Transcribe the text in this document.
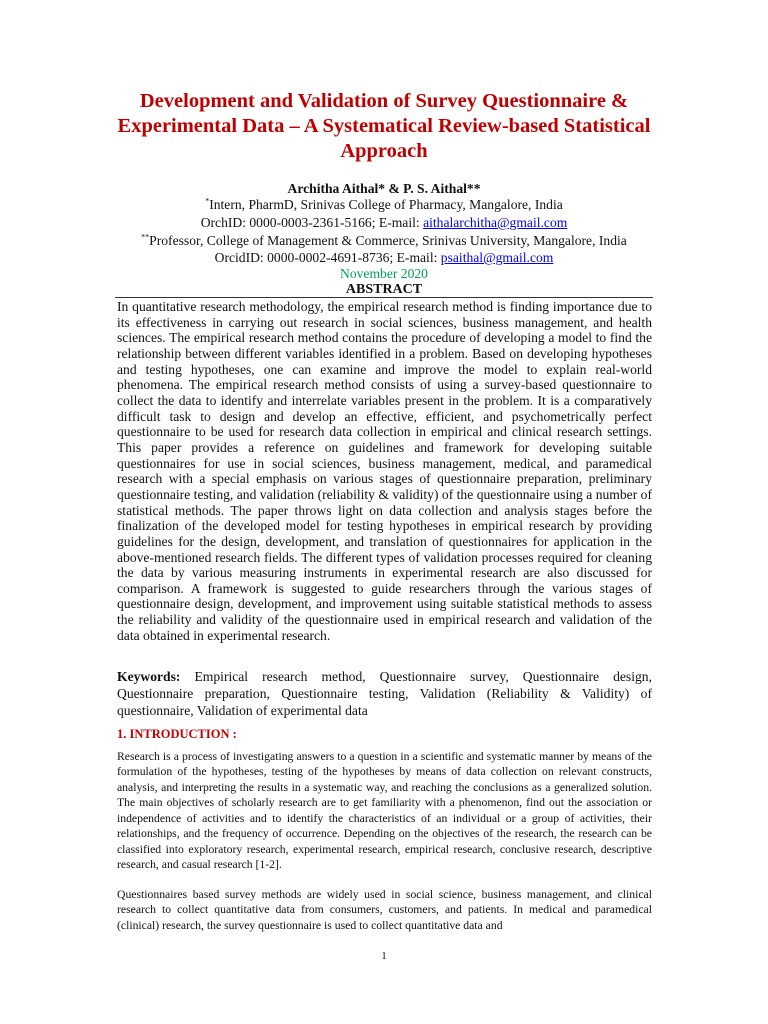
Development and Validation of Survey Questionnaire & Experimental Data – A Systematical Review-based Statistical Approach
Architha Aithal* & P. S. Aithal**
*Intern, PharmD, Srinivas College of Pharmacy, Mangalore, India
OrchID: 0000-0003-2361-5166; E-mail: aithalarchitha@gmail.com
**Professor, College of Management & Commerce, Srinivas University, Mangalore, India
OrcidID: 0000-0002-4691-8736; E-mail: psaithal@gmail.com
November 2020
ABSTRACT

In quantitative research methodology, the empirical research method is finding importance due to its effectiveness in carrying out research in social sciences, business management, and health sciences. The empirical research method contains the procedure of developing a model to find the relationship between different variables identified in a problem. Based on developing hypotheses and testing hypotheses, one can examine and improve the model to explain real-world phenomena. The empirical research method consists of using a survey-based questionnaire to collect the data to identify and interrelate variables present in the problem. It is a comparatively difficult task to design and develop an effective, efficient, and psychometrically perfect questionnaire to be used for research data collection in empirical and clinical research settings. This paper provides a reference on guidelines and framework for developing suitable questionnaires for use in social sciences, business management, medical, and paramedical research with a special emphasis on various stages of questionnaire preparation, preliminary questionnaire testing, and validation (reliability & validity) of the questionnaire using a number of statistical methods. The paper throws light on data collection and analysis stages before the finalization of the developed model for testing hypotheses in empirical research by providing guidelines for the design, development, and translation of questionnaires for application in the above-mentioned research fields. The different types of validation processes required for cleaning the data by various measuring instruments in experimental research are also discussed for comparison. A framework is suggested to guide researchers through the various stages of questionnaire design, development, and improvement using suitable statistical methods to assess the reliability and validity of the questionnaire used in empirical research and validation of the data obtained in experimental research.

Keywords: Empirical research method, Questionnaire survey, Questionnaire design, Questionnaire preparation, Questionnaire testing, Validation (Reliability & Validity) of questionnaire, Validation of experimental data

1. INTRODUCTION :

Research is a process of investigating answers to a question in a scientific and systematic manner by means of the formulation of the hypotheses, testing of the hypotheses by means of data collection on relevant constructs, analysis, and interpreting the results in a systematic way, and reaching the conclusions as a generalized solution. The main objectives of scholarly research are to get familiarity with a phenomenon, find out the association or independence of activities and to identify the characteristics of an individual or a group of activities, their relationships, and the frequency of occurrence. Depending on the objectives of the research, the research can be classified into exploratory research, experimental research, empirical research, conclusive research, descriptive research, and casual research [1-2].

Questionnaires based survey methods are widely used in social science, business management, and clinical research to collect quantitative data from consumers, customers, and patients. In medical and paramedical (clinical) research, the survey questionnaire is used to collect quantitative data and

1
